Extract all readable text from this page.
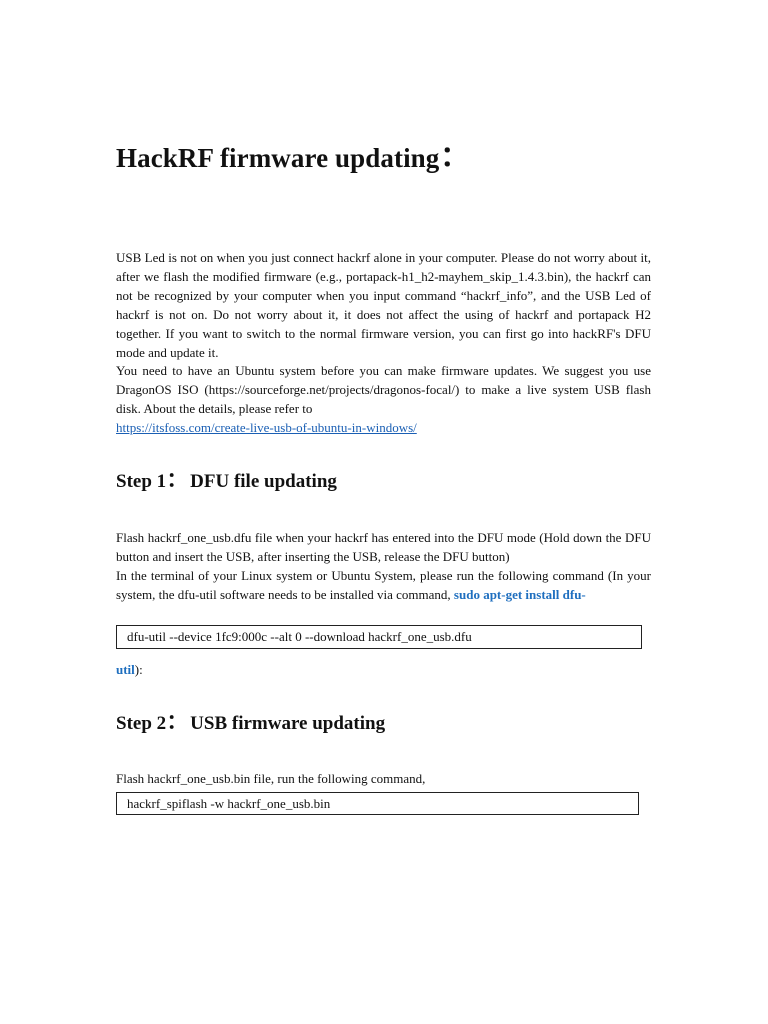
HackRF firmware updating：

USB Led is not on when you just connect hackrf alone in your computer. Please do not worry about it, after we flash the modified firmware (e.g., portapack-h1_h2-mayhem_skip_1.4.3.bin), the hackrf can not be recognized by your computer when you input command “hackrf_info”, and the USB Led of hackrf is not on. Do not worry about it, it does not affect the using of hackrf and portapack H2 together. If you want to switch to the normal firmware version, you can first go into hackRF's DFU mode and update it.

You need to have an Ubuntu system before you can make firmware updates. We suggest you use DragonOS ISO (https://sourceforge.net/projects/dragonos-focal/) to make a live system USB flash disk. About the details, please refer to
https://itsfoss.com/create-live-usb-of-ubuntu-in-windows/

Step 1：DFU file updating

Flash hackrf_one_usb.dfu file when your hackrf has entered into the DFU mode (Hold down the DFU button and insert the USB, after inserting the USB, release the DFU button)

In the terminal of your Linux system or Ubuntu System, please run the following command (In your system, the dfu-util software needs to be installed via command, sudo apt-get install dfu-

dfu-util --device 1fc9:000c --alt 0 --download hackrf_one_usb.dfu

util):

Step 2：USB firmware updating

Flash hackrf_one_usb.bin file, run the following command,

hackrf_spiflash -w hackrf_one_usb.bin
